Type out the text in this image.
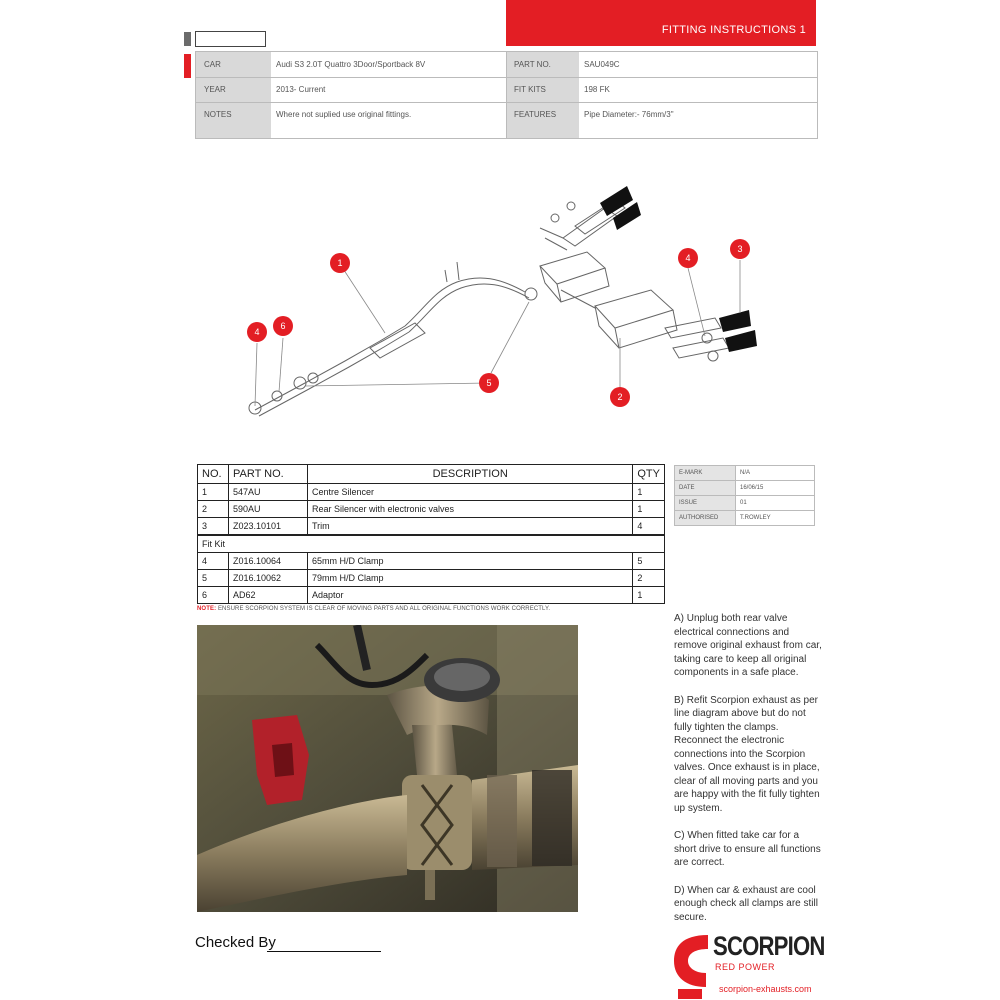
FITTING INSTRUCTIONS 1
CAR	Audi S3 2.0T Quattro 3Door/Sportback 8V	PART NO.	SAU049C
YEAR	2013- Current	FIT KITS	198 FK
NOTES	Where not suplied use original fittings.	FEATURES	Pipe Diameter:- 76mm/3"
1
4
6
5
2
4
3
NO.	PART NO.	DESCRIPTION	QTY
1	547AU	Centre Silencer	1
2	590AU	Rear Silencer with electronic valves	1
3	Z023.10101	Trim	4
Fit Kit			
4	Z016.10064	65mm H/D Clamp	5
5	Z016.10062	79mm H/D Clamp	2
6	AD62	Adaptor	1
NOTE: ENSURE SCORPION SYSTEM IS CLEAR OF MOVING PARTS AND ALL ORIGINAL FUNCTIONS WORK CORRECTLY.
E-MARK	N/A
DATE	16/06/15
ISSUE	01
AUTHORISED	T.ROWLEY

A) Unplug both rear valve electrical connections and remove original exhaust from car, taking care to keep all original components in a safe place.

B) Refit Scorpion exhaust as per line diagram above but do not fully tighten the clamps. Reconnect the electronic connections into the Scorpion valves. Once exhaust is in place, clear of all moving parts and you are happy with the fit fully tighten up system.

C) When fitted take car for a short drive to ensure all functions are correct.

D) When car & exhaust are cool enough check all clamps are still secure.

Checked By	SCORPION
RED POWER
scorpion-exhausts.com
